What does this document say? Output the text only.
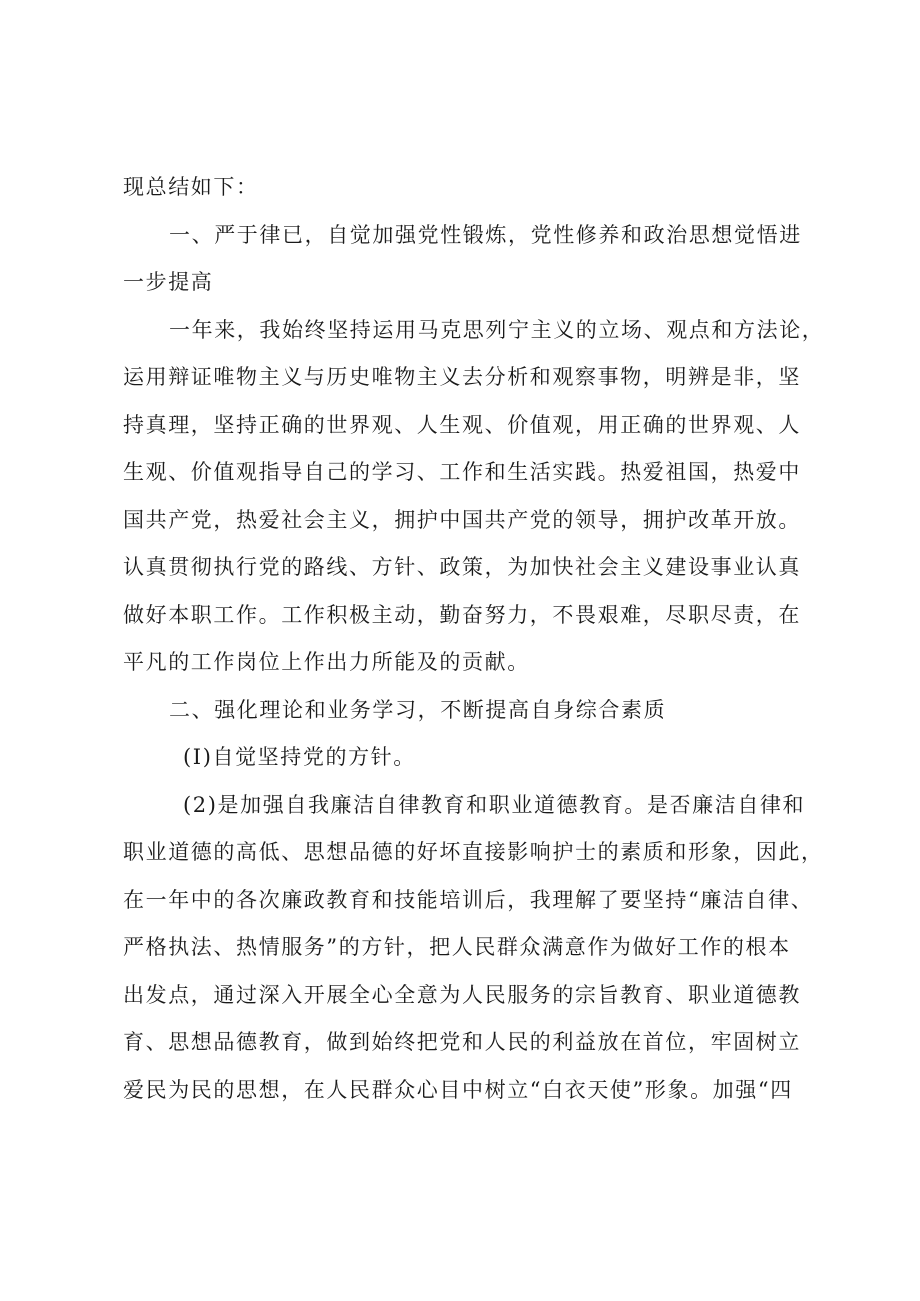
现总结如下：
一、严于律已，自觉加强党性锻炼，党性修养和政治思想觉悟进
一步提高
一年来，我始终坚持运用马克思列宁主义的立场、观点和方法论，
运用辩证唯物主义与历史唯物主义去分析和观察事物，明辨是非，坚
持真理，坚持正确的世界观、人生观、价值观，用正确的世界观、人
生观、价值观指导自己的学习、工作和生活实践。热爱祖国，热爱中
国共产党，热爱社会主义，拥护中国共产党的领导，拥护改革开放。
认真贯彻执行党的路线、方针、政策，为加快社会主义建设事业认真
做好本职工作。工作积极主动，勤奋努力，不畏艰难，尽职尽责，在
平凡的工作岗位上作出力所能及的贡献。
二、强化理论和业务学习，不断提高自身综合素质
(I)自觉坚持党的方针。
(2)是加强自我廉洁自律教育和职业道德教育。是否廉洁自律和
职业道德的高低、思想品德的好坏直接影响护士的素质和形象，因此，
在一年中的各次廉政教育和技能培训后，我理解了要坚持“廉洁自律、
严格执法、热情服务”的方针，把人民群众满意作为做好工作的根本
出发点，通过深入开展全心全意为人民服务的宗旨教育、职业道德教
育、思想品德教育，做到始终把党和人民的利益放在首位，牢固树立
爱民为民的思想，在人民群众心目中树立“白衣天使”形象。加强“四
